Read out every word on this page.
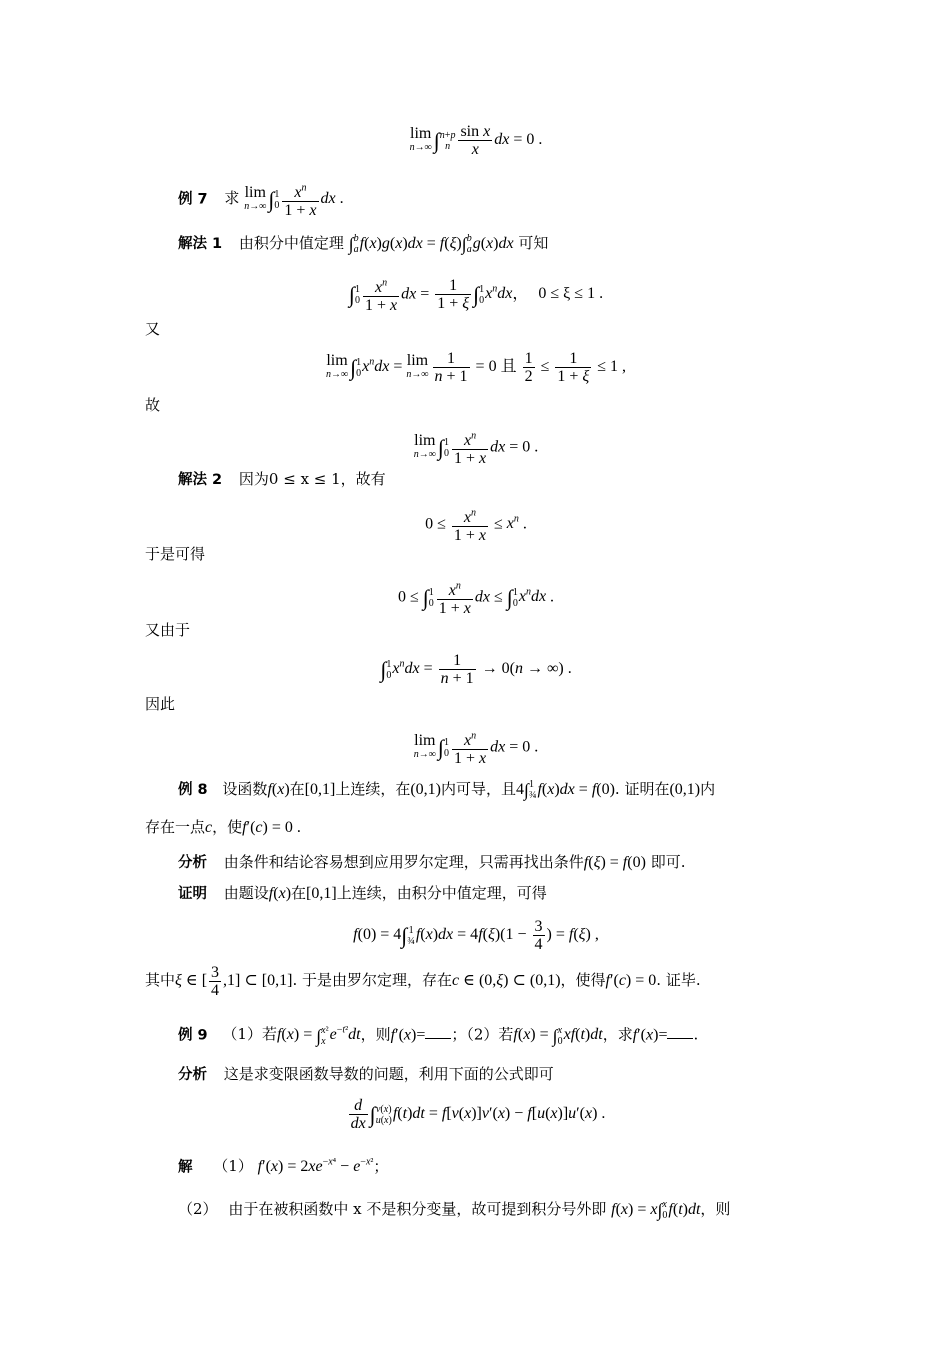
lim
n→∞ ∫ n+p
n $\frac{\text{sin x}}{x}$ dx = 0 .
例 7 求 lim
n→∞ ∫ 1
$0 \frac{x^n}{1 + x}$ dx .
解法 1 由积分中值定理 ∫ b
a f(x)g(x)dx = f(ξ)∫ b
a g(x)dx 可知
∫ 1
$0 \frac{x^n}{1 + x}$ dx = $\frac{1}{1 + \xi}$ ∫ 1
0 $x^ndx$， 0 ≤ ξ ≤ 1 .
又
lim
n→∞ ∫ 1
0 $x^ndx = \lim$
$n\to\infty \frac{1}{n + 1} = 0$ 且 $\frac{1}{2} \le \frac{1}{1 + \xi} \le 1$ ,
故
lim
n→∞ ∫ 1
$0 \frac{x^n}{1 + x}$ dx = 0 .
解法 2 因为0 ≤ x ≤ 1，故有
$0 \le \frac{x^n}{1 + x} \le x^n$ .
于是可得
0 ≤ ∫ 1
$0 \frac{x^n}{1 + x}$ dx ≤ ∫ 1
0 $x^ndx$ .
又由于
∫ 1
0 $x^ndx = \frac{1}{n + 1} \to 0(n$ → ∞) .
因此
lim
n→∞ ∫ 1
$0 \frac{x^n}{1 + x}$ dx = 0 .
例 8 设函数f(x)在[0,1]上连续，在(0,1)内可导，且4∫ 1
¾ f(x)dx = f(0). 证明在(0,1)内
存在一点c，使f′(c) = 0 .
分析 由条件和结论容易想到应用罗尔定理，只需再找出条件f(ξ) = f(0) 即可.
证明 由题设f(x)在[0,1]上连续，由积分中值定理，可得
f(0) = 4∫ 1
¾ $f(x)dx = 4f(\xi)(1 - \frac{3}{4}$ ) = f(ξ) ,
其中ξ ∈ [ $\frac{3}{4} ,1$] ⊂ [0,1]. 于是由罗尔定理，存在c ∈ (0,ξ) ⊂ (0,1)，使得f′(c) = 0. 证毕.
例 9 （1）若f(x) = ∫ x²
x $e^{-t^2}dt$，则f′(x)= ；（2）若f(x) = ∫ x
0 xf(t)dt，求f′(x)= .
分析 这是求变限函数导数的问题，利用下面的公式即可
$\frac{d}{dx}$ ∫ v(x)
u(x) f(t)dt = f[v(x)]v′(x) − f[u(x)]u′(x) .
解 （1） $f'(x) = 2xe^{-x^4} - e^{-x^2}$；
（2） 由于在被积函数中 x 不是积分变量，故可提到积分号外即 f(x) = x∫ x
0 f(t)dt，则
